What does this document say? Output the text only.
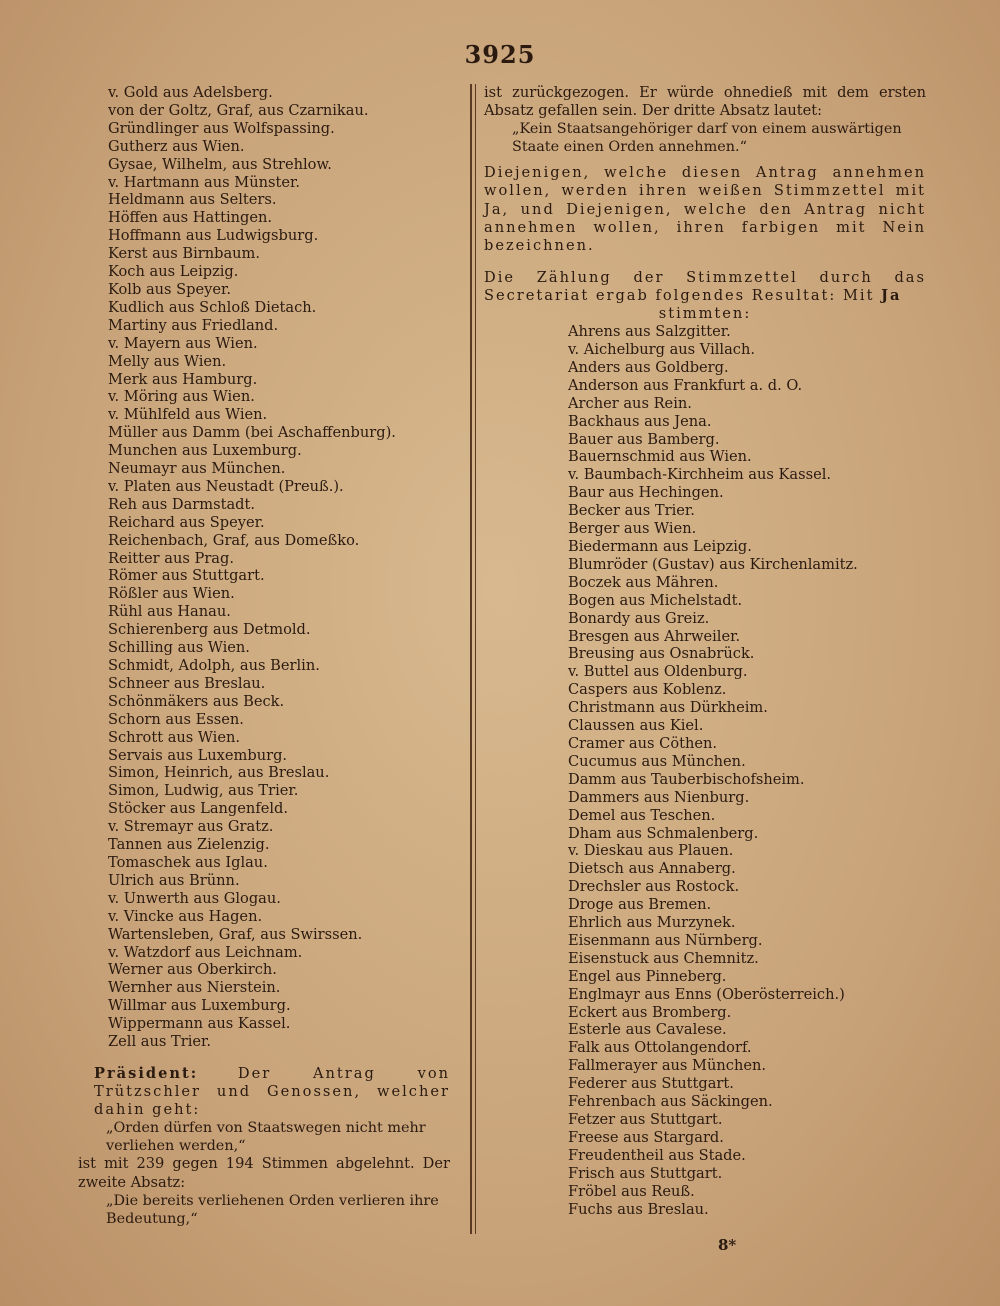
3925
v. Gold aus Adelsberg.
von der Goltz, Graf, aus Czarnikau.
Gründlinger aus Wolfspassing.
Gutherz aus Wien.
Gysae, Wilhelm, aus Strehlow.
v. Hartmann aus Münster.
Heldmann aus Selters.
Höffen aus Hattingen.
Hoffmann aus Ludwigsburg.
Kerst aus Birnbaum.
Koch aus Leipzig.
Kolb aus Speyer.
Kudlich aus Schloß Dietach.
Martiny aus Friedland.
v. Mayern aus Wien.
Melly aus Wien.
Merk aus Hamburg.
v. Möring aus Wien.
v. Mühlfeld aus Wien.
Müller aus Damm (bei Aschaffenburg).
Munchen aus Luxemburg.
Neumayr aus München.
v. Platen aus Neustadt (Preuß.).
Reh aus Darmstadt.
Reichard aus Speyer.
Reichenbach, Graf, aus Domeßko.
Reitter aus Prag.
Römer aus Stuttgart.
Rößler aus Wien.
Rühl aus Hanau.
Schierenberg aus Detmold.
Schilling aus Wien.
Schmidt, Adolph, aus Berlin.
Schneer aus Breslau.
Schönmäkers aus Beck.
Schorn aus Essen.
Schrott aus Wien.
Servais aus Luxemburg.
Simon, Heinrich, aus Breslau.
Simon, Ludwig, aus Trier.
Stöcker aus Langenfeld.
v. Stremayr aus Gratz.
Tannen aus Zielenzig.
Tomaschek aus Iglau.
Ulrich aus Brünn.
v. Unwerth aus Glogau.
v. Vincke aus Hagen.
Wartensleben, Graf, aus Swirssen.
v. Watzdorf aus Leichnam.
Werner aus Oberkirch.
Wernher aus Nierstein.
Willmar aus Luxemburg.
Wippermann aus Kassel.
Zell aus Trier.
Präsident:	Der Antrag von Trützschler und Genossen, welcher dahin geht:
„Orden dürfen von Staatswegen nicht mehr verliehen werden,“
ist mit 239 gegen 194 Stimmen abgelehnt. Der zweite Absatz:
„Die bereits verliehenen Orden verlieren ihre Bedeutung,“
ist zurückgezogen. Er würde ohnedieß mit dem ersten Absatz gefallen sein. Der dritte Absatz lautet:
„Kein Staatsangehöriger darf von einem auswärtigen Staate einen Orden annehmen.“
Diejenigen, welche diesen Antrag annehmen wollen, werden ihren weißen Stimmzettel mit Ja, und Diejenigen, welche den Antrag nicht annehmen wollen, ihren farbigen mit Nein bezeichnen.
Die Zählung der Stimmzettel durch das Secretariat ergab folgendes Resultat: Mit Ja
stimmten:
Ahrens aus Salzgitter.
v. Aichelburg aus Villach.
Anders aus Goldberg.
Anderson aus Frankfurt a. d. O.
Archer aus Rein.
Backhaus aus Jena.
Bauer aus Bamberg.
Bauernschmid aus Wien.
v. Baumbach-Kirchheim aus Kassel.
Baur aus Hechingen.
Becker aus Trier.
Berger aus Wien.
Biedermann aus Leipzig.
Blumröder (Gustav) aus Kirchenlamitz.
Boczek aus Mähren.
Bogen aus Michelstadt.
Bonardy aus Greiz.
Bresgen aus Ahrweiler.
Breusing aus Osnabrück.
v. Buttel aus Oldenburg.
Caspers aus Koblenz.
Christmann aus Dürkheim.
Claussen aus Kiel.
Cramer aus Cöthen.
Cucumus aus München.
Damm aus Tauberbischofsheim.
Dammers aus Nienburg.
Demel aus Teschen.
Dham aus Schmalenberg.
v. Dieskau aus Plauen.
Dietsch aus Annaberg.
Drechsler aus Rostock.
Droge aus Bremen.
Ehrlich aus Murzynek.
Eisenmann aus Nürnberg.
Eisenstuck aus Chemnitz.
Engel aus Pinneberg.
Englmayr aus Enns (Oberösterreich.)
Eckert aus Bromberg.
Esterle aus Cavalese.
Falk aus Ottolangendorf.
Fallmerayer aus München.
Federer aus Stuttgart.
Fehrenbach aus Säckingen.
Fetzer aus Stuttgart.
Freese aus Stargard.
Freudentheil aus Stade.
Frisch aus Stuttgart.
Fröbel aus Reuß.
Fuchs aus Breslau.
8*
